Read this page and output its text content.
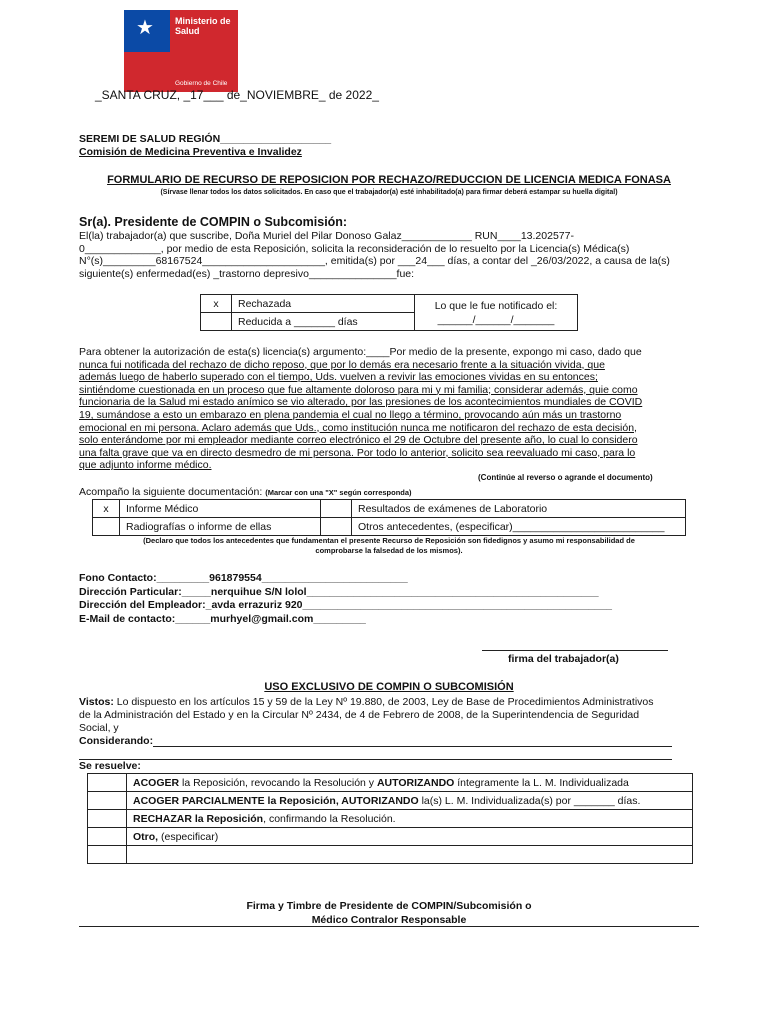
★ Ministerio de Salud
Gobierno de Chile
_SANTA CRUZ, _17___ de_NOVIEMBRE_ de 2022_
SEREMI DE SALUD REGIÓN___________________
Comisión de Medicina Preventiva e Invalidez
FORMULARIO DE RECURSO DE REPOSICION POR RECHAZO/REDUCCION DE LICENCIA MEDICA FONASA
(Sírvase llenar todos los datos solicitados. En caso que el trabajador(a) esté inhabilitado(a) para firmar deberá estampar su huella digital)
Sr(a). Presidente de COMPIN o Subcomisión:
El(la) trabajador(a) que suscribe, Doña Muriel del Pilar Donoso Galaz____________ RUN____13.202577-
0_____________, por medio de esta Reposición, solicita la reconsideración de lo resuelto por la Licencia(s) Médica(s)
N°(s)_________68167524_____________________, emitida(s) por ___24___ días, a contar del _26/03/2022, a causa de la(s)
siguiente(s) enfermedad(es) _trastorno depresivo_______________fue:
x	Rechazada	Lo que le fue notificado el:
______/______/_______

	Reducida a _______ días	
Para obtener la autorización de esta(s) licencia(s) argumento:____Por medio de la presente, expongo mi caso, dado que
nunca fui notificada del rechazo de dicho reposo, que por lo demás era necesario frente a la situación vivida, que
además luego de haberlo superado con el tiempo, Uds. vuelven a revivir las emociones vividas en su entonces;
sintiéndome cuestionada en un proceso que fue altamente doloroso para mi y mi familia; considerar además, quie como
funcionaria de la Salud mi estado anímico se vio alterado, por las presiones de los acontecimientos mundiales de COVID
19, sumándose a esto un embarazo en plena pandemia el cual no llego a término, provocando aún más un trastorno
emocional en mi persona. Aclaro además que Uds., como institución nunca me notificaron del rechazo de esta decisión,
solo enterándome por mi empleador mediante correo electrónico el 29 de Octubre del presente año, lo cual lo considero
una falta grave que va en directo desmedro de mi persona. Por todo lo anterior, solicito sea reevaluado mi caso, para lo
que adjunto informe médico.
(Continúe al reverso o agrande el documento)
Acompaño la siguiente documentación: (Marcar con una "X" según corresponda)
x	Informe Médico		Resultados de exámenes de Laboratorio
	Radiografías o informe de ellas		Otros antecedentes, (especificar)__________________________
(Declaro que todos los antecedentes que fundamentan el presente Recurso de Reposición son fidedignos y asumo mi responsabilidad de
comprobarse la falsedad de los mismos).
Fono Contacto:_________961879554_________________________
Dirección Particular:_____nerquihue S/N lolol__________________________________________________
Dirección del Empleador:_avda errazuriz 920_____________________________________________________
E-Mail de contacto:______murhyel@gmail.com_________
firma del trabajador(a)
USO EXCLUSIVO DE COMPIN O SUBCOMISIÓN
Vistos: Lo dispuesto en los artículos 15 y 59 de la Ley Nº 19.880, de 2003, Ley de Base de Procedimientos Administrativos
de la Administración del Estado y en la Circular Nº 2434, de 4 de Febrero de 2008, de la Superintendencia de Seguridad
Social, y
Considerando:
Se resuelve:
	ACOGER la Reposición, revocando la Resolución y AUTORIZANDO íntegramente la L. M. Individualizada
	ACOGER PARCIALMENTE la Reposición, AUTORIZANDO la(s) L. M. Individualizada(s) por _______ días.
	RECHAZAR la Reposición, confirmando la Resolución.
	Otro, (especificar)

Firma y Timbre de Presidente de COMPIN/Subcomisión o
Médico Contralor Responsable
